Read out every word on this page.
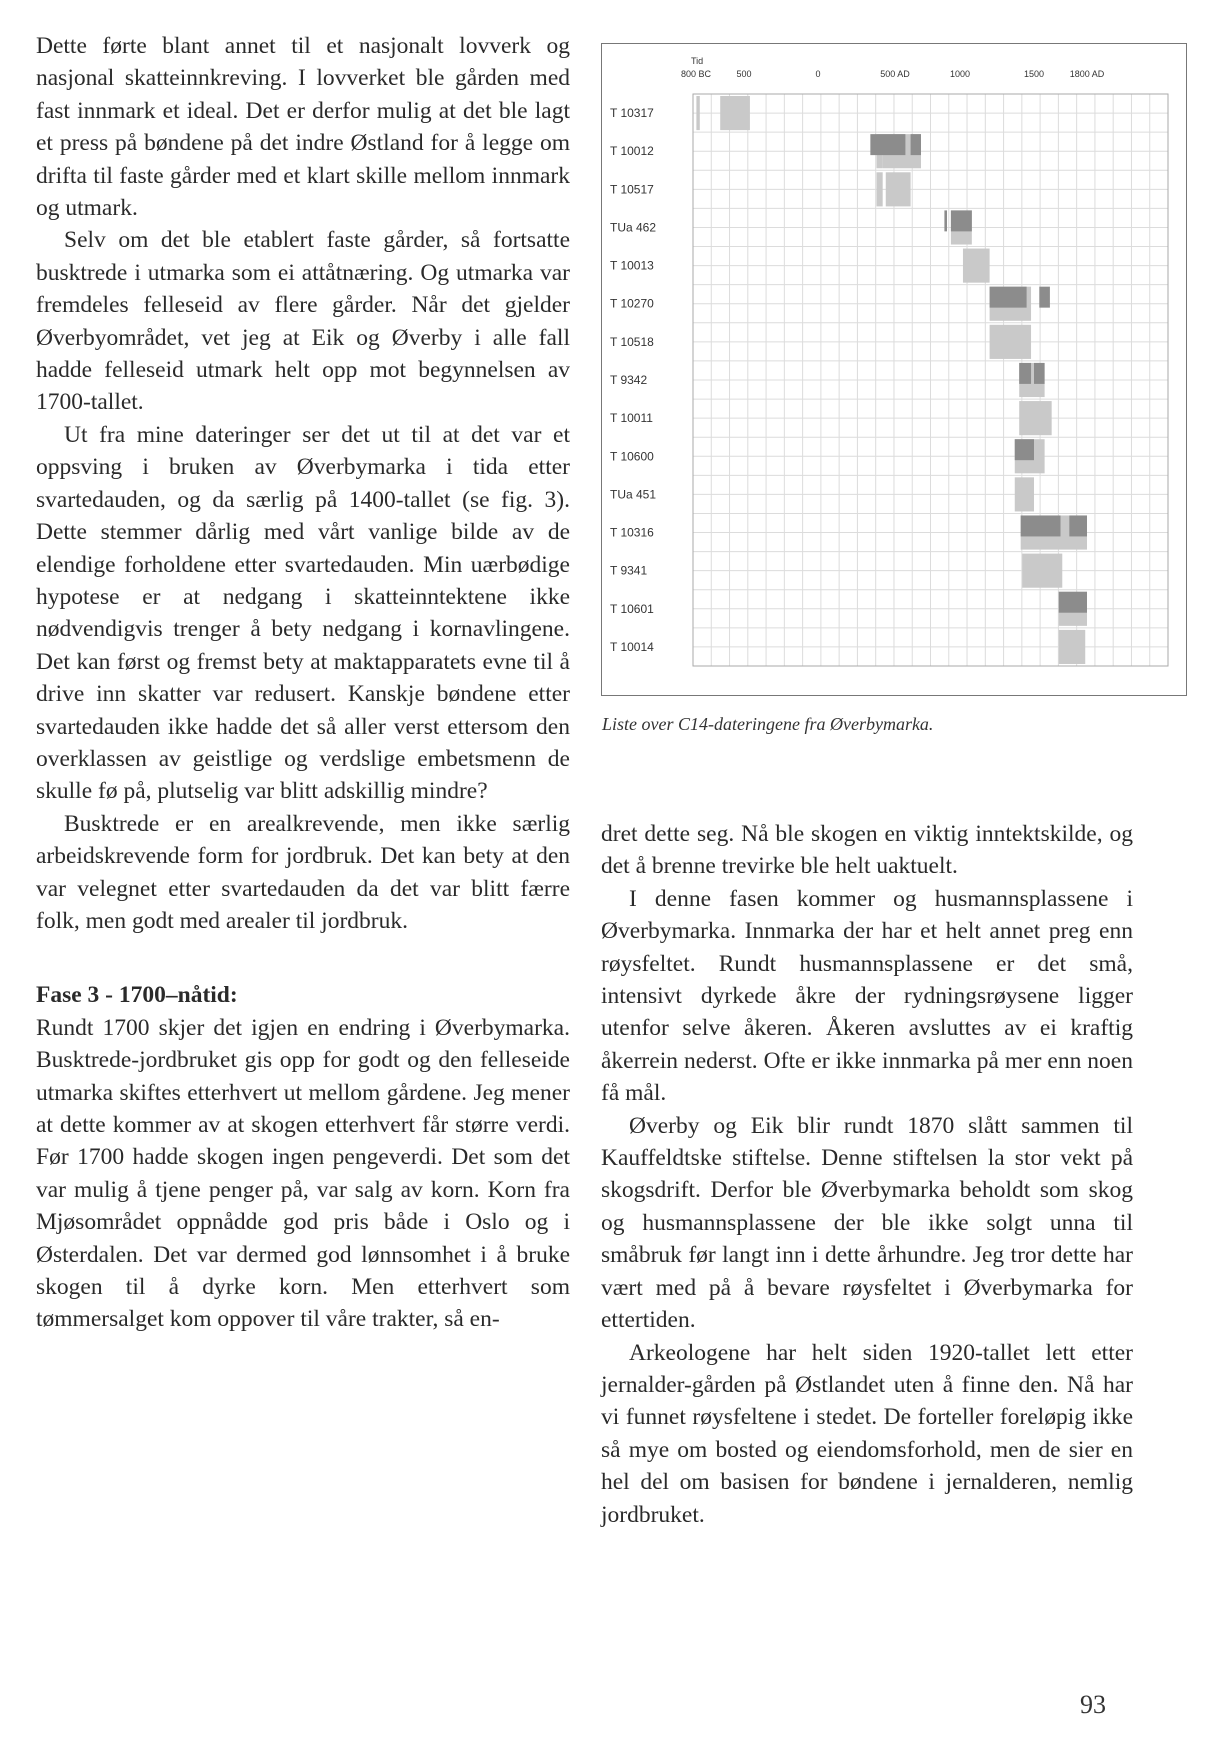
Dette førte blant annet til et nasjonalt lovverk og nasjonal skatteinnkreving. I lovverket ble gården med fast innmark et ideal. Det er derfor mulig at det ble lagt et press på bøndene på det indre Østland for å legge om drifta til faste gårder med et klart skille mellom innmark og utmark.

Selv om det ble etablert faste gårder, så fortsatte busktrede i utmarka som ei attåtnæring. Og utmarka var fremdeles felleseid av flere gårder. Når det gjelder Øverbyområdet, vet jeg at Eik og Øverby i alle fall hadde felleseid utmark helt opp mot begynnelsen av 1700-tallet.

Ut fra mine dateringer ser det ut til at det var et oppsving i bruken av Øverbymarka i tida etter svartedauden, og da særlig på 1400-tallet (se fig. 3). Dette stemmer dårlig med vårt vanlige bilde av de elendige forholdene etter svartedauden. Min uærbødige hypotese er at nedgang i skatteinntektene ikke nødvendigvis trenger å bety nedgang i kornavlingene. Det kan først og fremst bety at maktapparatets evne til å drive inn skatter var redusert. Kanskje bøndene etter svartedauden ikke hadde det så aller verst ettersom den overklassen av geistlige og verdslige embetsmenn de skulle fø på, plutselig var blitt adskillig mindre?

Busktrede er en arealkrevende, men ikke særlig arbeidskrevende form for jordbruk. Det kan bety at den var velegnet etter svartedauden da det var blitt færre folk, men godt med arealer til jordbruk.

Fase 3 - 1700–nåtid:

Rundt 1700 skjer det igjen en endring i Øverbymarka. Busktrede-jordbruket gis opp for godt og den felleseide utmarka skiftes etterhvert ut mellom gårdene. Jeg mener at dette kommer av at skogen etterhvert får større verdi. Før 1700 hadde skogen ingen pengeverdi. Det som det var mulig å tjene penger på, var salg av korn. Korn fra Mjøsområdet oppnådde god pris både i Oslo og i Østerdalen. Det var dermed god lønnsomhet i å bruke skogen til å dyrke korn. Men etterhvert som tømmersalget kom oppover til våre trakter, så en-

Tid
800 BC	500	0	500 AD	1000	1500	1800 AD
T 10317
T 10012
T 10517
TUa 462
T 10013
T 10270
T 10518
T 9342
T 10011
T 10600
TUa 451
T 10316
T 9341
T 10601
T 10014
Liste over C14-dateringene fra Øverbymarka.

dret dette seg. Nå ble skogen en viktig inntektskilde, og det å brenne trevirke ble helt uaktuelt.

I denne fasen kommer og husmannsplassene i Øverbymarka. Innmarka der har et helt annet preg enn røysfeltet. Rundt husmannsplassene er det små, intensivt dyrkede åkre der rydningsrøysene ligger utenfor selve åkeren. Åkeren avsluttes av ei kraftig åkerrein nederst. Ofte er ikke innmarka på mer enn noen få mål.

Øverby og Eik blir rundt 1870 slått sammen til Kauffeldtske stiftelse. Denne stiftelsen la stor vekt på skogsdrift. Derfor ble Øverbymarka beholdt som skog og husmannsplassene der ble ikke solgt unna til småbruk før langt inn i dette århundre. Jeg tror dette har vært med på å bevare røysfeltet i Øverbymarka for ettertiden.

Arkeologene har helt siden 1920-tallet lett etter jernalder-gården på Østlandet uten å finne den. Nå har vi funnet røysfeltene i stedet. De forteller foreløpig ikke så mye om bosted og eiendomsforhold, men de sier en hel del om basisen for bøndene i jernalderen, nemlig jordbruket.

93
